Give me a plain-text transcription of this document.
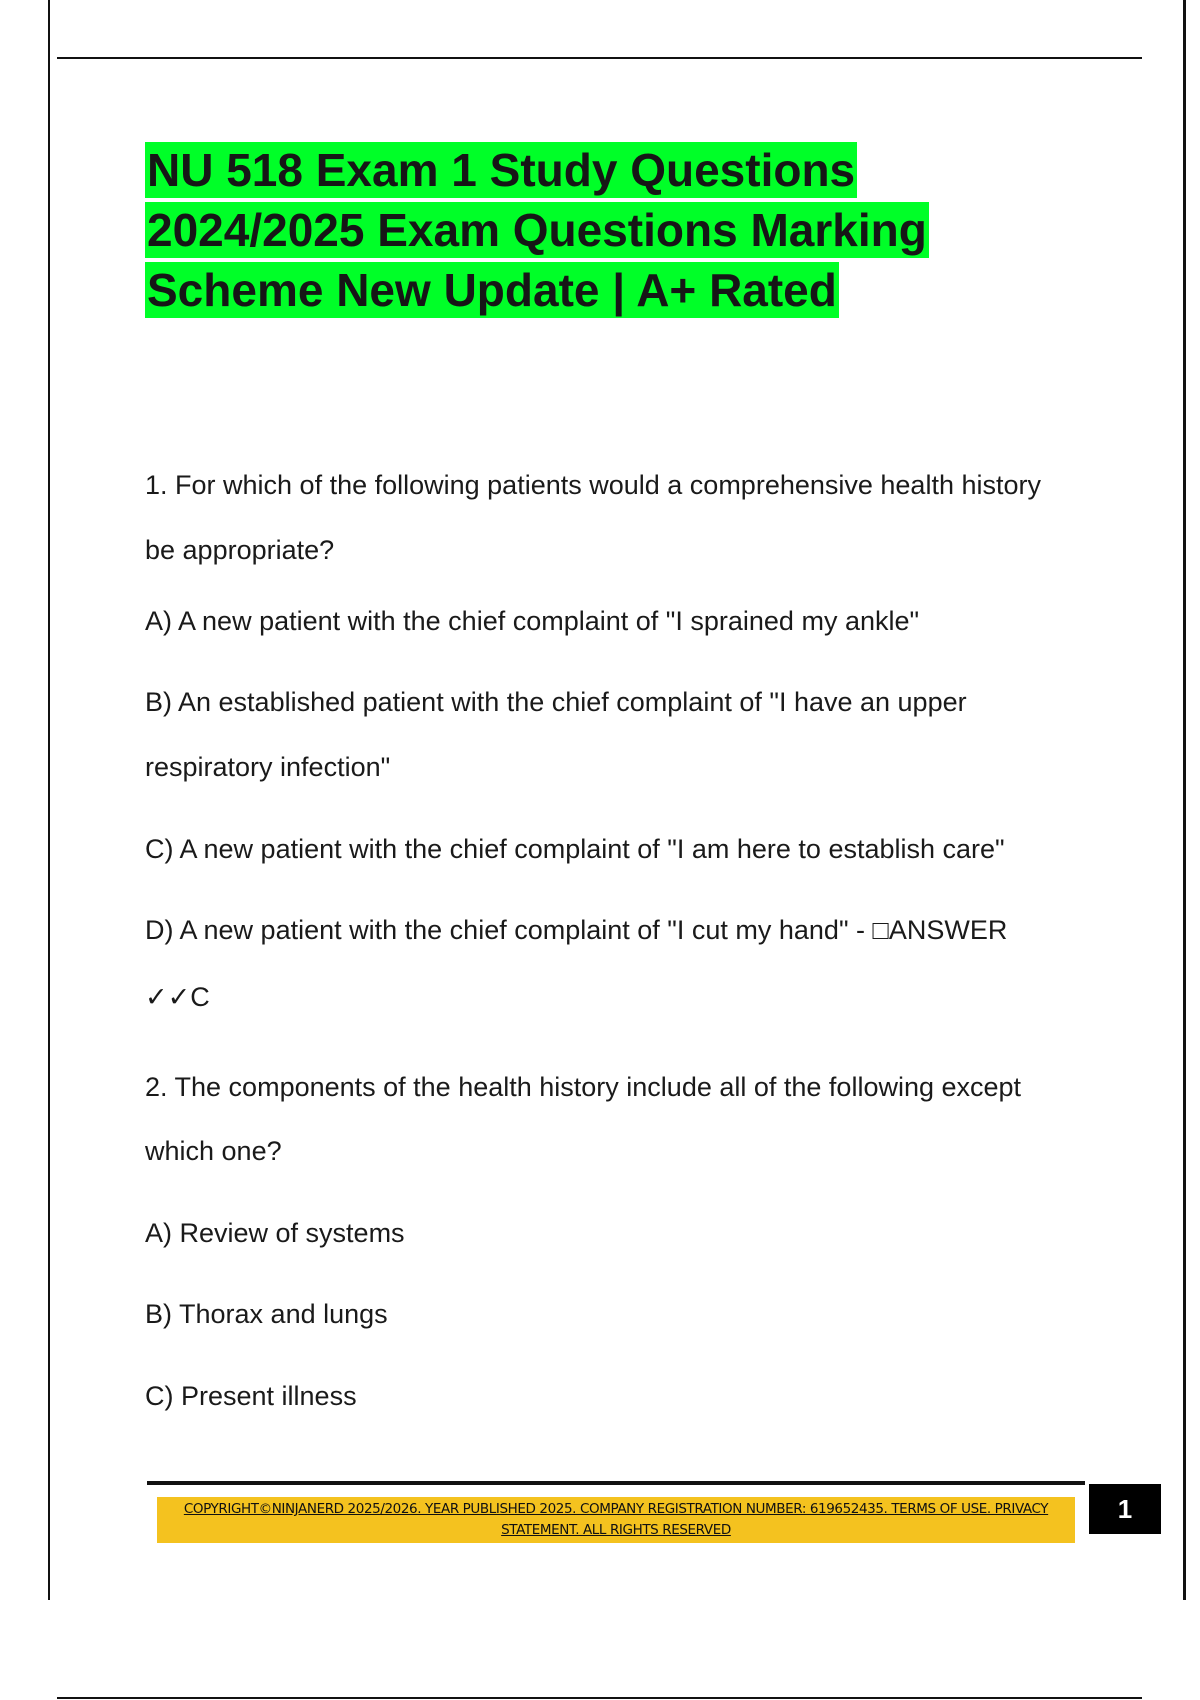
NU 518 Exam 1 Study Questions
2024/2025 Exam Questions Marking
Scheme New Update | A+ Rated
1. For which of the following patients would a comprehensive health history
be appropriate?
A) A new patient with the chief complaint of "I sprained my ankle"
B) An established patient with the chief complaint of "I have an upper
respiratory infection"
C) A new patient with the chief complaint of "I am here to establish care"
D) A new patient with the chief complaint of "I cut my hand" - □ANSWER
✓✓C
2. The components of the health history include all of the following except
which one?
A) Review of systems
B) Thorax and lungs
C) Present illness
COPYRIGHT©NINJANERD 2025/2026. YEAR PUBLISHED 2025. COMPANY REGISTRATION NUMBER: 619652435. TERMS OF USE. PRIVACY
STATEMENT. ALL RIGHTS RESERVED
1
